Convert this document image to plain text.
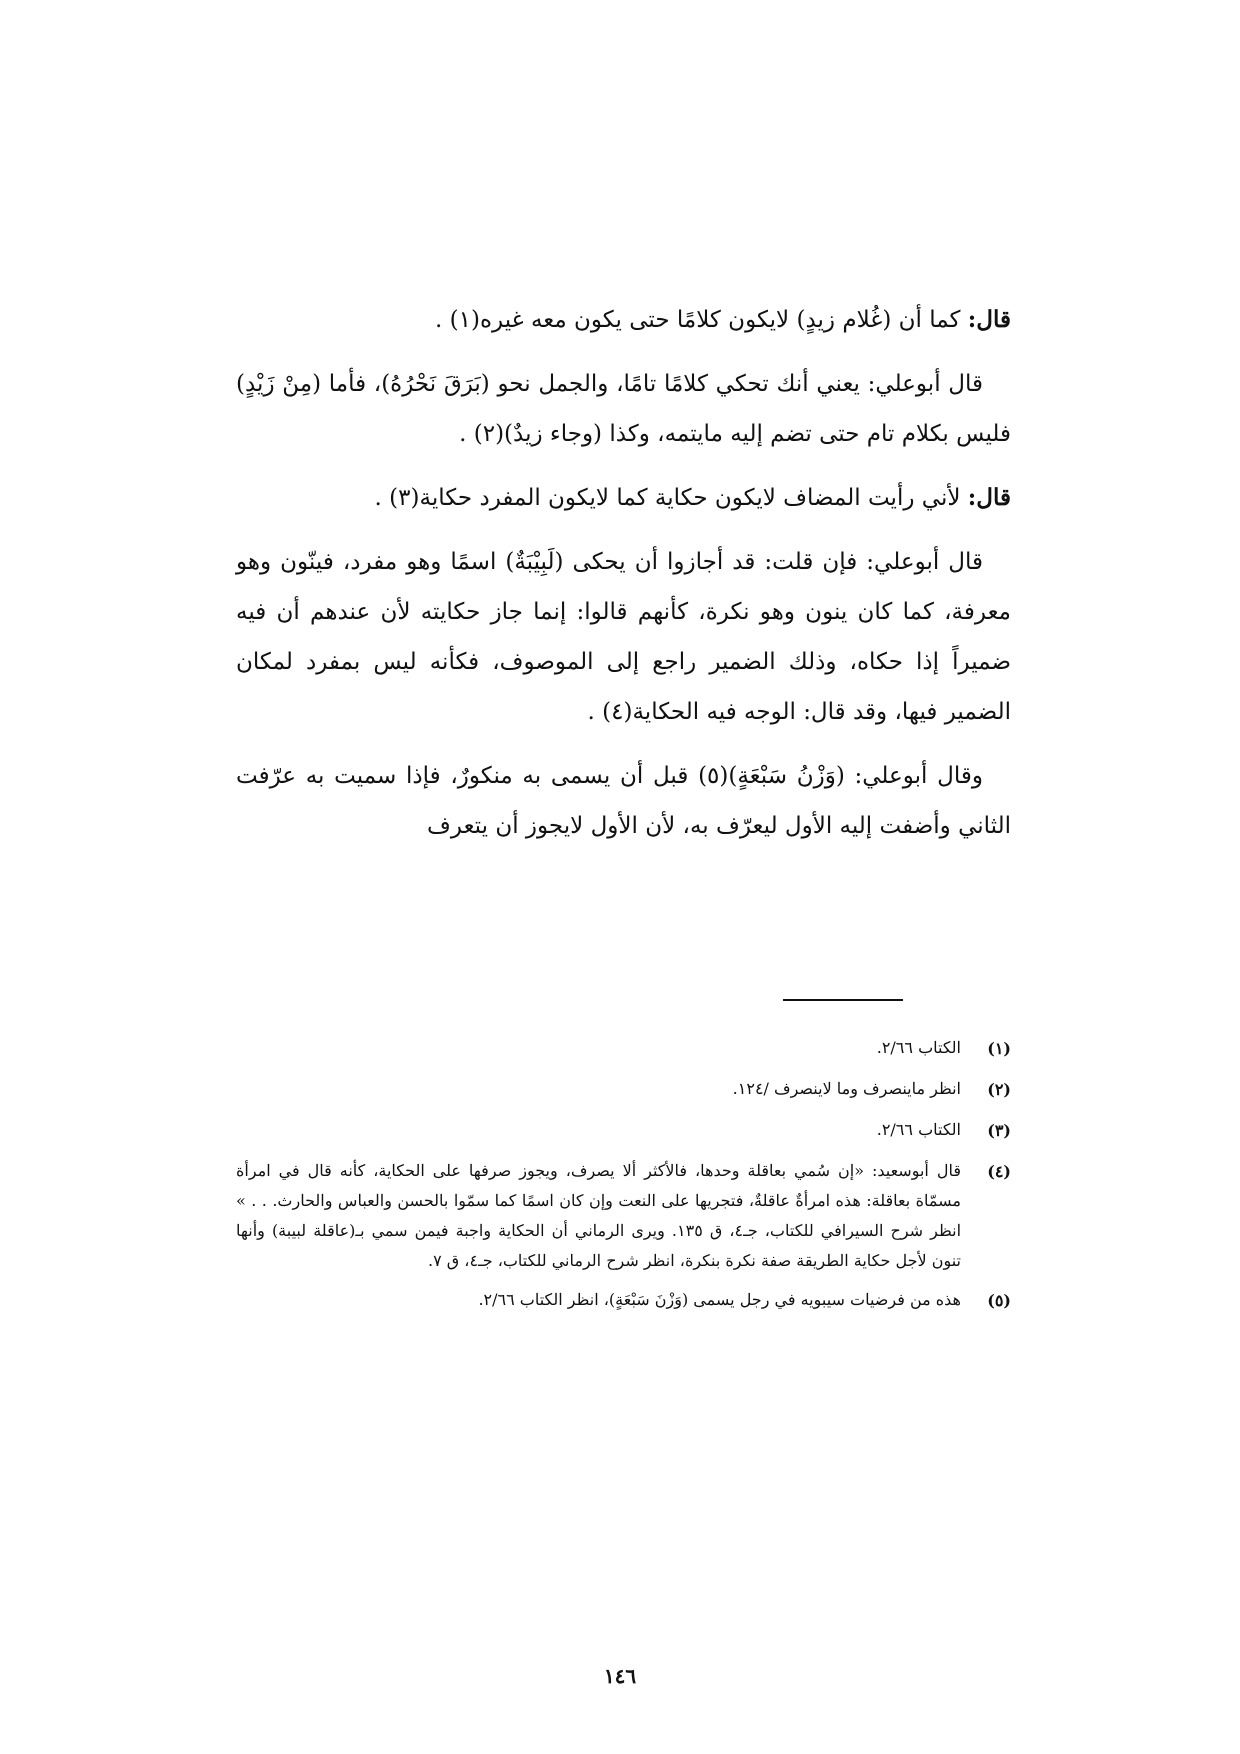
قال: كما أن (غُلام زيدٍ) لايكون كلامًا حتى يكون معه غيره(١) .

قال أبوعلي: يعني أنك تحكي كلامًا تامًا، والجمل نحو (بَرَقَ نَحْرُهُ)، فأما (مِنْ زَيْدٍ) فليس بكلام تام حتى تضم إليه مايتمه، وكذا (وجاء زيدٌ)(٢) .

قال: لأني رأيت المضاف لايكون حكاية كما لايكون المفرد حكاية(٣) .

قال أبوعلي: فإن قلت: قد أجازوا أن يحكى (لَبِيْبَةٌ) اسمًا وهو مفرد، فينّون وهو معرفة، كما كان ينون وهو نكرة، كأنهم قالوا: إنما جاز حكايته لأن عندهم أن فيه ضميراً إذا حكاه، وذلك الضمير راجع إلى الموصوف، فكأنه ليس بمفرد لمكان الضمير فيها، وقد قال: الوجه فيه الحكاية(٤) .

وقال أبوعلي: (وَزْنُ سَبْعَةٍ)(٥) قبل أن يسمى به منكورٌ، فإذا سميت به عرّفت الثاني وأضفت إليه الأول ليعرّف به، لأن الأول لايجوز أن يتعرف

(١)
الكتاب ٢/٦٦.
(٢)
انظر ماينصرف وما لاينصرف /١٢٤.
(٣)
الكتاب ٢/٦٦.
(٤)
قال أبوسعيد: «إن سُمي بعاقلة وحدها، فالأكثر ألا يصرف، ويجوز صرفها على الحكاية، كأنه قال في امرأة مسمّاة بعاقلة: هذه امرأةٌ عاقلةٌ، فتجريها على النعت وإن كان اسمًا كما سمّوا بالحسن والعباس والحارث. . . » انظر شرح السيرافي للكتاب، جـ٤، ق ١٣٥. ويرى الرماني أن الحكاية واجبة فيمن سمي بـ(عاقلة لبيبة) وأنها تنون لأجل حكاية الطريقة صفة نكرة بنكرة، انظر شرح الرماني للكتاب، جـ٤، ق ٧.
(٥)
هذه من فرضيات سيبويه في رجل يسمى (وَزْنَ سَبْعَةٍ)، انظر الكتاب ٢/٦٦.
١٤٦
